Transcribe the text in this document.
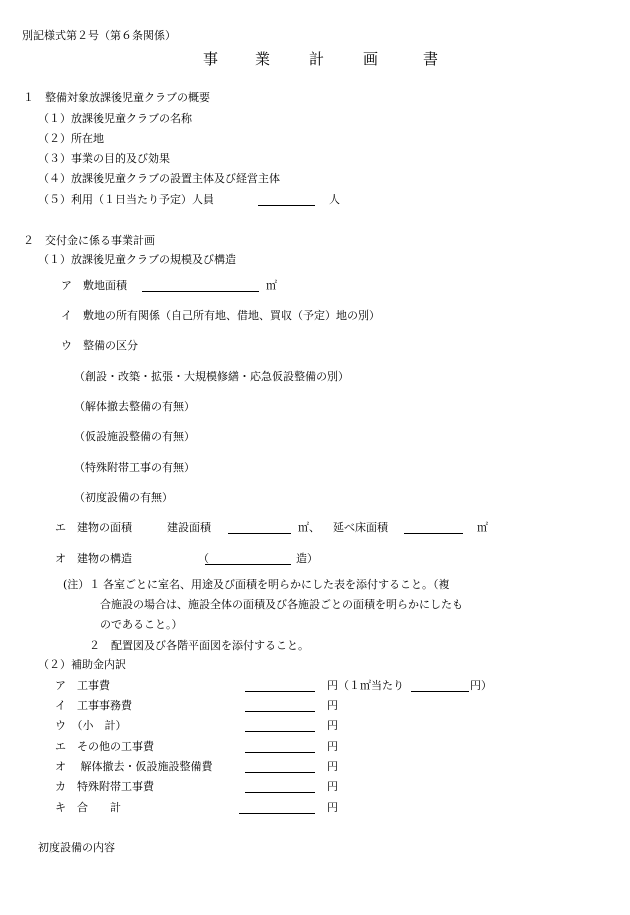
別記様式第２号（第６条関係）
事 業	計	画	書
１　整備対象放課後児童クラブの概要
（１）放課後児童クラブの名称
（２）所在地
（３）事業の目的及び効果
（４）放課後児童クラブの設置主体及び経営主体
（５）利用（１日当たり予定）人員	人
２　交付金に係る事業計画
（１）放課後児童クラブの規模及び構造
ア　敷地面積	㎡
イ　敷地の所有関係（自己所有地、借地、買収（予定）地の別）
ウ　整備の区分
（創設・改築・拡張・大規模修繕・応急仮設整備の別）
（解体撤去整備の有無）
（仮設施設整備の有無）
（特殊附帯工事の有無）
（初度設備の有無）
エ　建物の面積	建設面積	㎡、 延べ床面積	㎡
オ　建物の構造	（	造）
(注）１ 各室ごとに室名、用途及び面積を明らかにした表を添付すること。（複
合施設の場合は、施設全体の面積及び各施設ごとの面積を明らかにしたも
のであること。）
２　配置図及び各階平面図を添付すること。
（２）補助金内訳
ア　工事費	円（１㎡当たり	円）
イ　工事事務費	円
ウ　（小　計）	円
エ　その他の工事費	円
オ　 解体撤去・仮設施設整備費	円
カ　特殊附帯工事費	円
キ　合　　計	円
初度設備の内容
